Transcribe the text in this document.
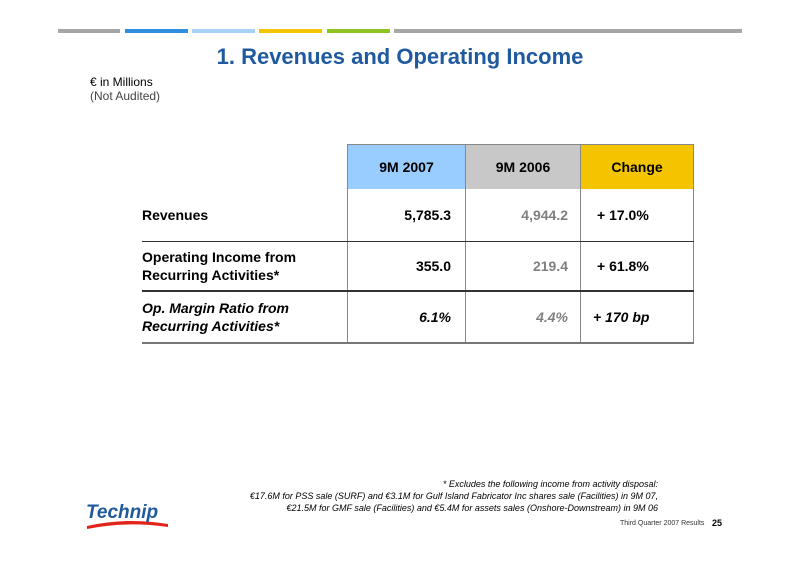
1. Revenues and Operating Income
€ in Millions
(Not Audited)
	9M 2007	9M 2006	Change
Revenues	5,785.3	4,944.2	+ 17.0%

Operating Income from
Recurring Activities*	355.0	219.4	+ 61.8%

Op. Margin Ratio from
Recurring Activities*	6.1%	4.4%	+ 170 bp
* Excludes the following income from activity disposal:
€17.6M for PSS sale (SURF) and €3.1M for Gulf Island Fabricator Inc shares sale (Facilities) in 9M 07,
€21.5M for GMF sale (Facilities) and €5.4M for assets sales (Onshore-Downstream) in 9M 06
Technip
Third Quarter 2007 Results 25
